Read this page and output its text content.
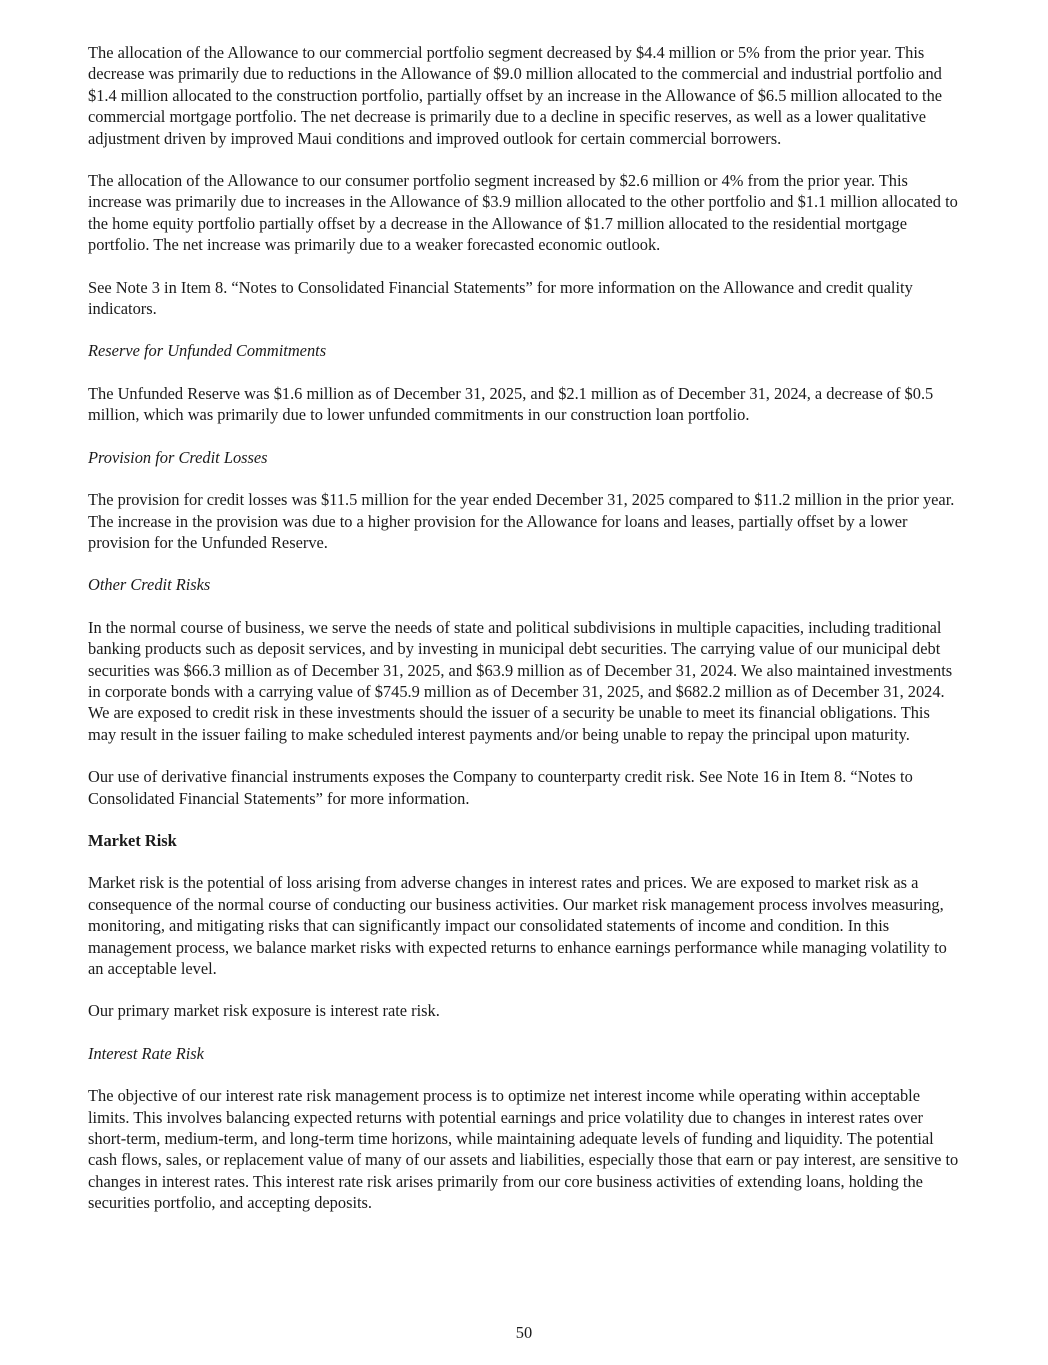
The allocation of the Allowance to our commercial portfolio segment decreased by $4.4 million or 5% from the prior year. This decrease was primarily due to reductions in the Allowance of $9.0 million allocated to the commercial and industrial portfolio and $1.4 million allocated to the construction portfolio, partially offset by an increase in the Allowance of $6.5 million allocated to the commercial mortgage portfolio. The net decrease is primarily due to a decline in specific reserves, as well as a lower qualitative adjustment driven by improved Maui conditions and improved outlook for certain commercial borrowers.

The allocation of the Allowance to our consumer portfolio segment increased by $2.6 million or 4% from the prior year. This increase was primarily due to increases in the Allowance of $3.9 million allocated to the other portfolio and $1.1 million allocated to the home equity portfolio partially offset by a decrease in the Allowance of $1.7 million allocated to the residential mortgage portfolio. The net increase was primarily due to a weaker forecasted economic outlook.

See Note 3 in Item 8. “Notes to Consolidated Financial Statements” for more information on the Allowance and credit quality indicators.

Reserve for Unfunded Commitments

The Unfunded Reserve was $1.6 million as of December 31, 2025, and $2.1 million as of December 31, 2024, a decrease of $0.5 million, which was primarily due to lower unfunded commitments in our construction loan portfolio.

Provision for Credit Losses

The provision for credit losses was $11.5 million for the year ended December 31, 2025 compared to $11.2 million in the prior year. The increase in the provision was due to a higher provision for the Allowance for loans and leases, partially offset by a lower provision for the Unfunded Reserve.

Other Credit Risks

In the normal course of business, we serve the needs of state and political subdivisions in multiple capacities, including traditional banking products such as deposit services, and by investing in municipal debt securities. The carrying value of our municipal debt securities was $66.3 million as of December 31, 2025, and $63.9 million as of December 31, 2024. We also maintained investments in corporate bonds with a carrying value of $745.9 million as of December 31, 2025, and $682.2 million as of December 31, 2024. We are exposed to credit risk in these investments should the issuer of a security be unable to meet its financial obligations. This may result in the issuer failing to make scheduled interest payments and/or being unable to repay the principal upon maturity.

Our use of derivative financial instruments exposes the Company to counterparty credit risk. See Note 16 in Item 8. “Notes to Consolidated Financial Statements” for more information.

Market Risk

Market risk is the potential of loss arising from adverse changes in interest rates and prices. We are exposed to market risk as a consequence of the normal course of conducting our business activities. Our market risk management process involves measuring, monitoring, and mitigating risks that can significantly impact our consolidated statements of income and condition. In this management process, we balance market risks with expected returns to enhance earnings performance while managing volatility to an acceptable level.

Our primary market risk exposure is interest rate risk.

Interest Rate Risk

The objective of our interest rate risk management process is to optimize net interest income while operating within acceptable limits. This involves balancing expected returns with potential earnings and price volatility due to changes in interest rates over short-term, medium-term, and long-term time horizons, while maintaining adequate levels of funding and liquidity. The potential cash flows, sales, or replacement value of many of our assets and liabilities, especially those that earn or pay interest, are sensitive to changes in interest rates. This interest rate risk arises primarily from our core business activities of extending loans, holding the securities portfolio, and accepting deposits.

50
